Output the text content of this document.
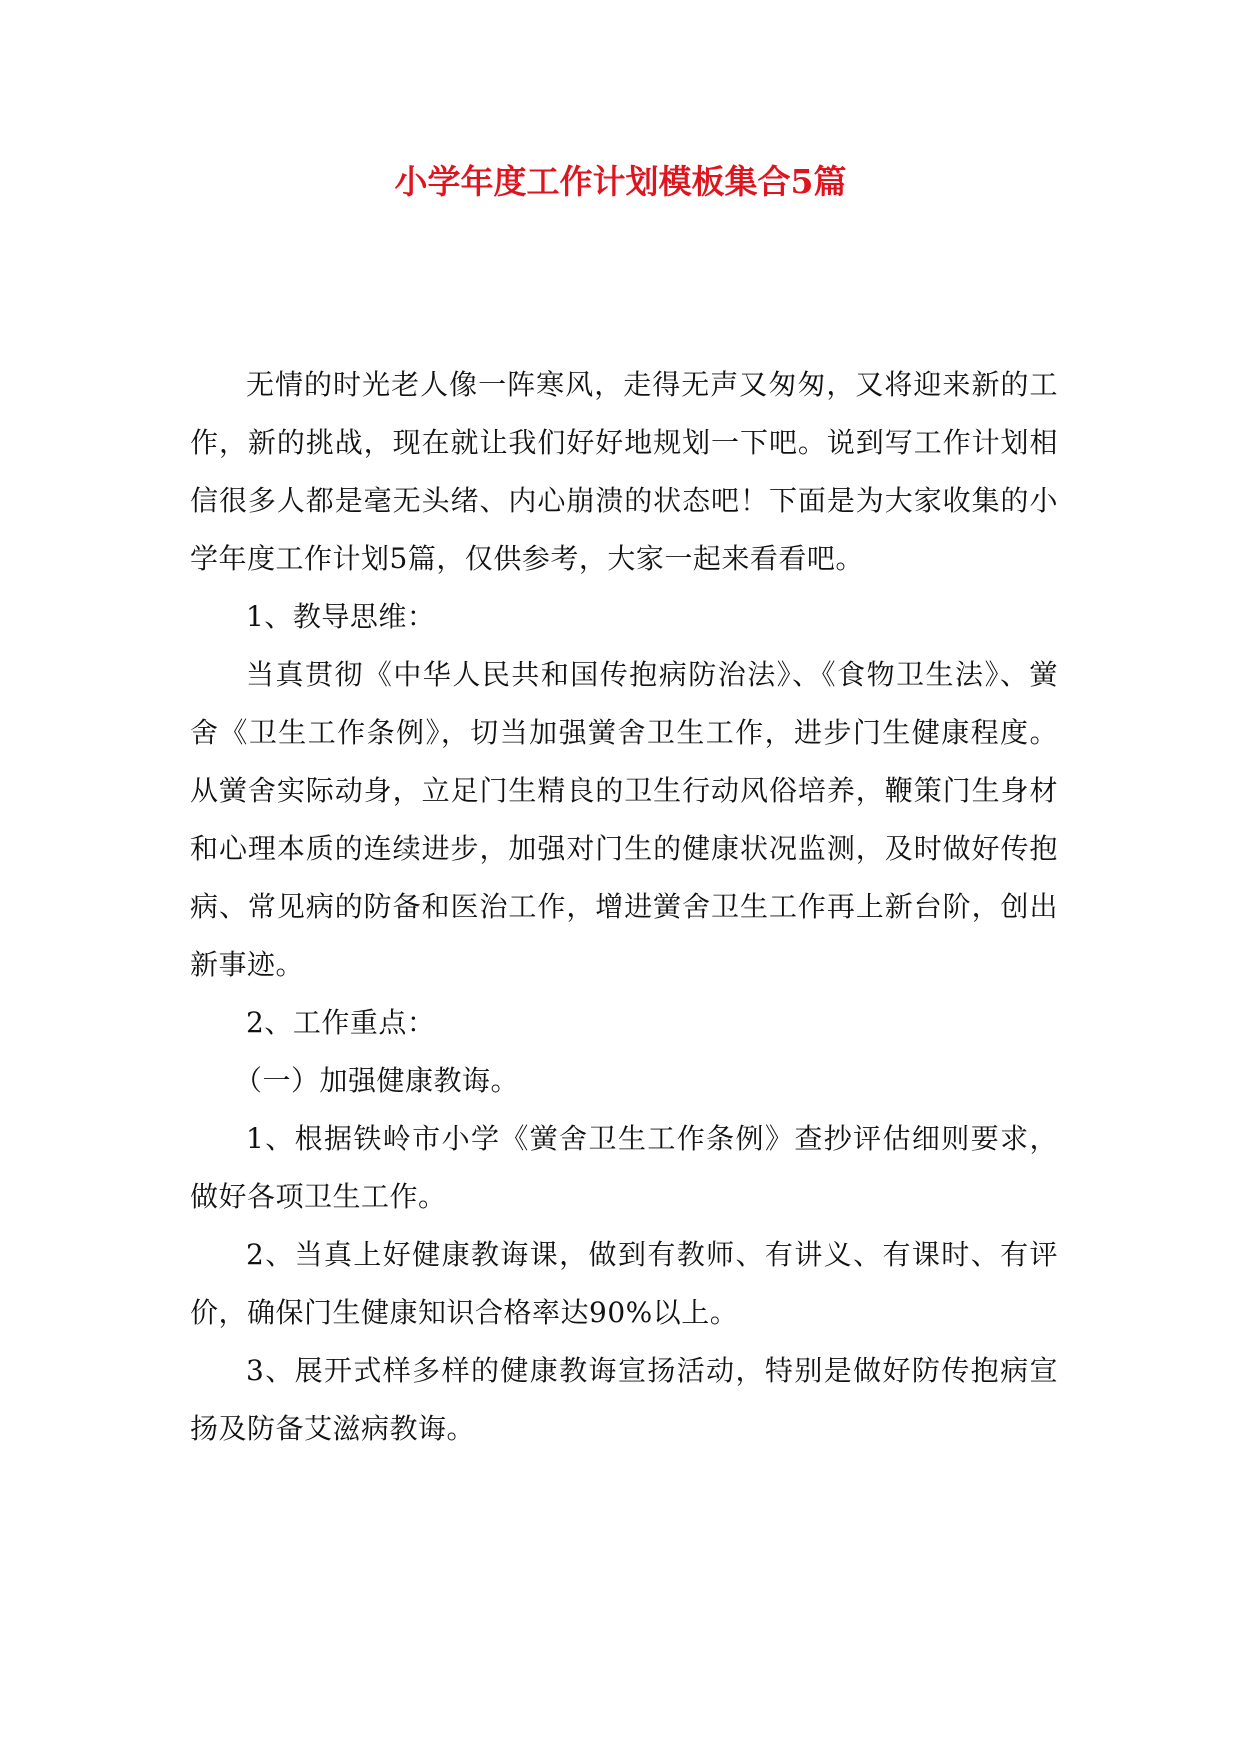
小学年度工作计划模板集合5篇

无情的时光老人像一阵寒风，走得无声又匆匆，又将迎来新的工作，新的挑战，现在就让我们好好地规划一下吧。说到写工作计划相信很多人都是毫无头绪、内心崩溃的状态吧！下面是为大家收集的小学年度工作计划5篇，仅供参考，大家一起来看看吧。

1、教导思维：

当真贯彻《中华人民共和国传抱病防治法》、《食物卫生法》、黉舍《卫生工作条例》，切当加强黉舍卫生工作，进步门生健康程度。从黉舍实际动身，立足门生精良的卫生行动风俗培养，鞭策门生身材和心理本质的连续进步，加强对门生的健康状况监测，及时做好传抱病、常见病的防备和医治工作，增进黉舍卫生工作再上新台阶，创出新事迹。

2、工作重点：

（一）加强健康教诲。

1、根据铁岭市小学《黉舍卫生工作条例》查抄评估细则要求，做好各项卫生工作。

2、当真上好健康教诲课，做到有教师、有讲义、有课时、有评价，确保门生健康知识合格率达90%以上。

3、展开式样多样的健康教诲宣扬活动，特别是做好防传抱病宣扬及防备艾滋病教诲。
